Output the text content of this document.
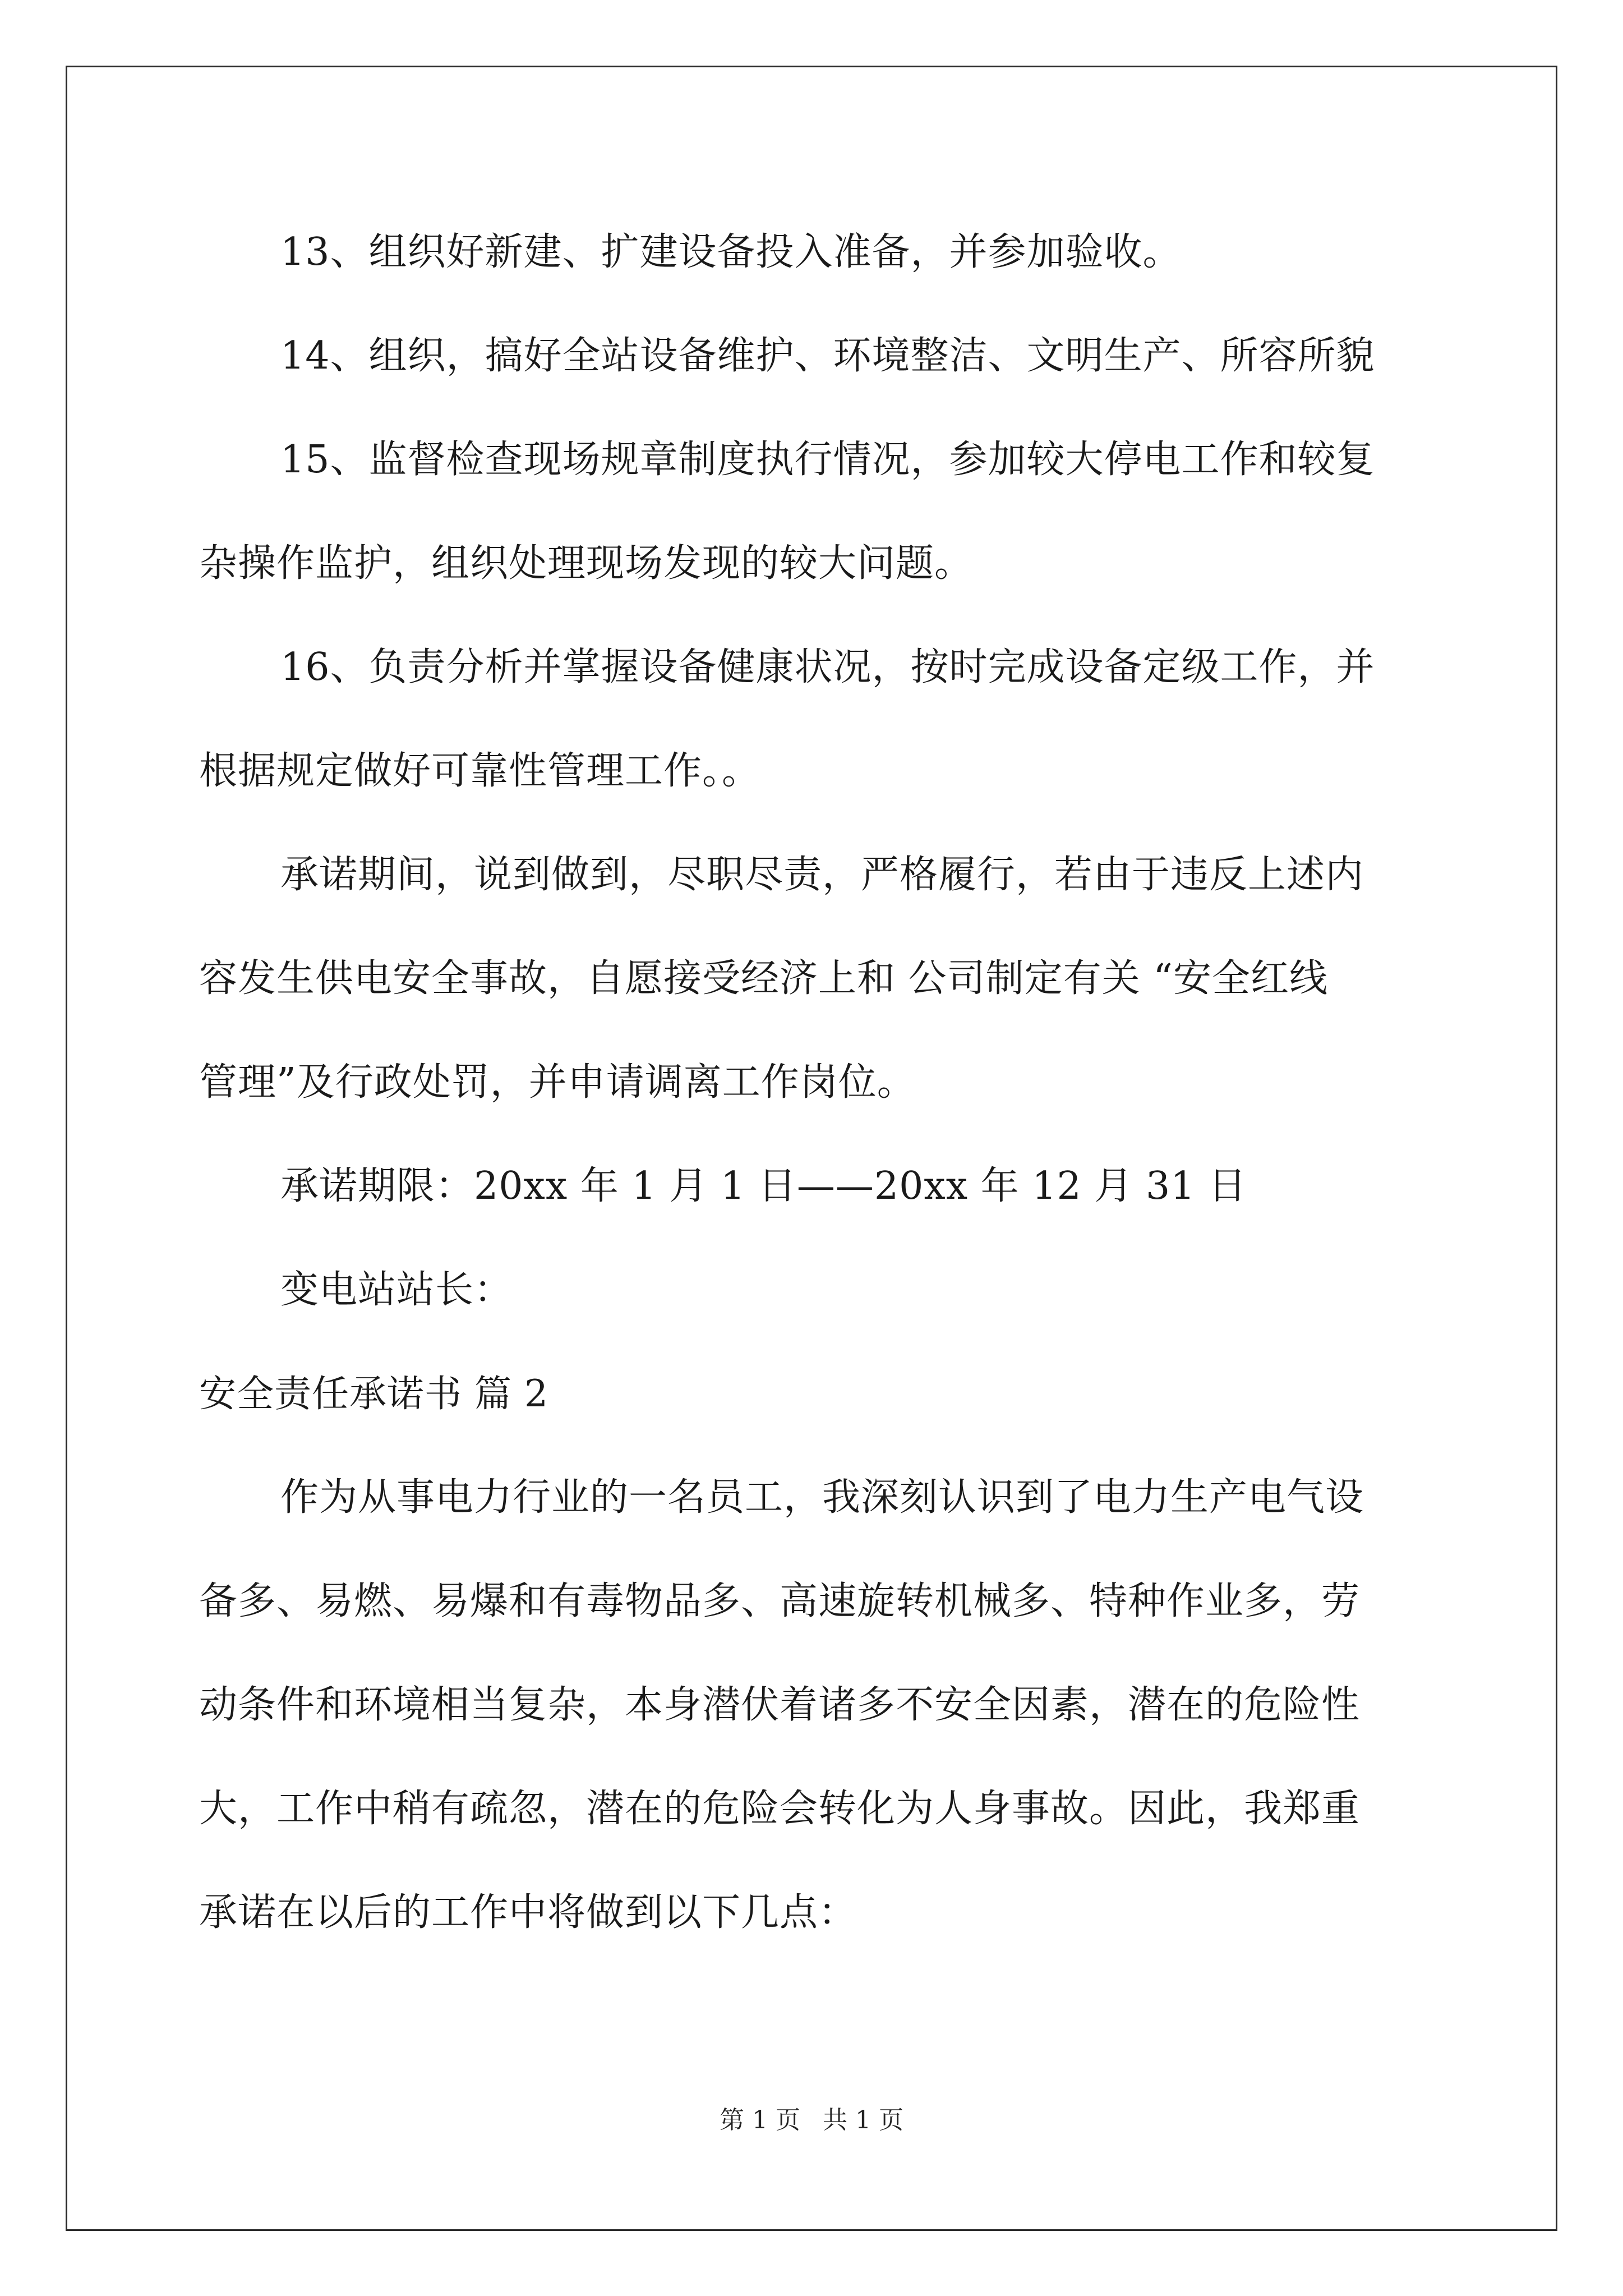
13、组织好新建、扩建设备投入准备，并参加验收。
14、组织，搞好全站设备维护、环境整洁、文明生产、所容所貌
15、监督检查现场规章制度执行情况，参加较大停电工作和较复
杂操作监护，组织处理现场发现的较大问题。
16、负责分析并掌握设备健康状况，按时完成设备定级工作，并
根据规定做好可靠性管理工作。。
承诺期间，说到做到，尽职尽责，严格履行，若由于违反上述内
容发生供电安全事故，自愿接受经济上和 公司制定有关 “安全红线
管理”及行政处罚，并申请调离工作岗位。
承诺期限：20xx 年 1 月 1 日——20xx 年 12 月 31 日
变电站站长：
安全责任承诺书 篇 2
作为从事电力行业的一名员工，我深刻认识到了电力生产电气设
备多、易燃、易爆和有毒物品多、高速旋转机械多、特种作业多，劳
动条件和环境相当复杂，本身潜伏着诸多不安全因素，潜在的危险性
大，工作中稍有疏忽，潜在的危险会转化为人身事故。因此，我郑重
承诺在以后的工作中将做到以下几点：
第 1 页 共 1 页
